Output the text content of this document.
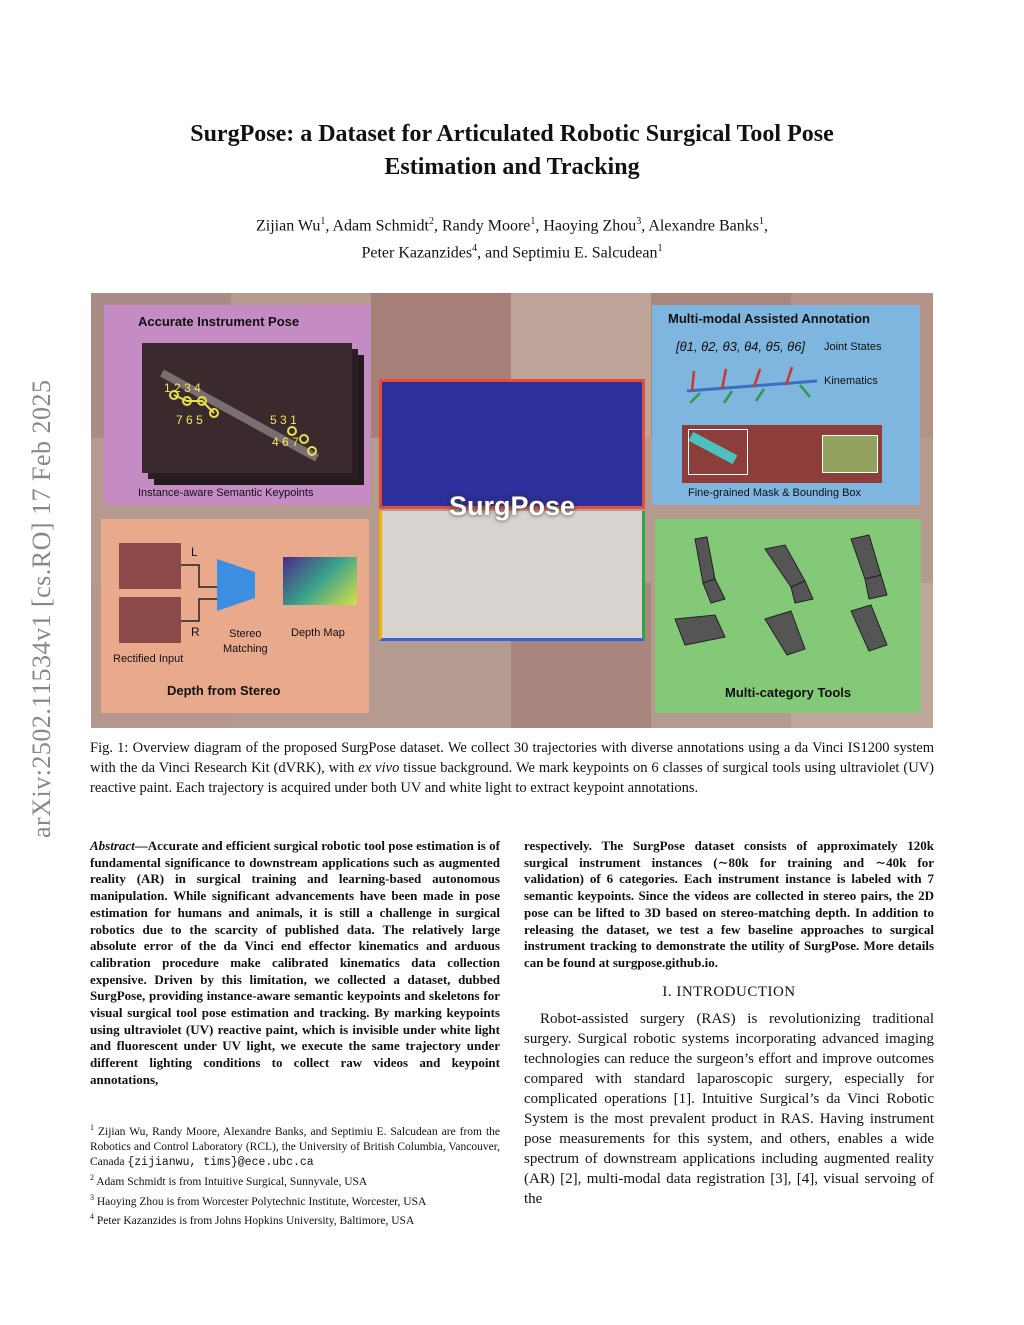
arXiv:2502.11534v1 [cs.RO] 17 Feb 2025
SurgPose: a Dataset for Articulated Robotic Surgical Tool Pose
Estimation and Tracking
Zijian Wu$^1$, Adam Schmidt$^2$, Randy Moore$^1$, Haoying Zhou$^3$, Alexandre Banks$^1$,
Peter Kazanzides$^4$, and Septimiu E. Salcudean$^1$
Accurate Instrument Pose
1 2 3 4
7 6 5	5 3 1
4 6 7
Instance-aware Semantic Keypoints
Multi-modal Assisted Annotation
[θ1, θ2, θ3, θ4, θ5, θ6] Joint States
Kinematics
Fine-grained Mask & Bounding Box
L
R	Stereo
Matching
Depth Map
Rectified Input
Depth from Stereo	Multi-category Tools
SurgPose
Fig. 1: Overview diagram of the proposed SurgPose dataset. We collect 30 trajectories with diverse annotations using a da Vinci IS1200 system with the da Vinci Research Kit (dVRK), with ex vivo tissue background. We mark keypoints on 6 classes of surgical tools using ultraviolet (UV) reactive paint. Each trajectory is acquired under both UV and white light to extract keypoint annotations.

Abstract—Accurate and efficient surgical robotic tool pose estimation is of fundamental significance to downstream applications such as augmented reality (AR) in surgical training and learning-based autonomous manipulation. While significant advancements have been made in pose estimation for humans and animals, it is still a challenge in surgical robotics due to the scarcity of published data. The relatively large absolute error of the da Vinci end effector kinematics and arduous calibration procedure make calibrated kinematics data collection expensive. Driven by this limitation, we collected a dataset, dubbed SurgPose, providing instance-aware semantic keypoints and skeletons for visual surgical tool pose estimation and tracking. By marking keypoints using ultraviolet (UV) reactive paint, which is invisible under white light and fluorescent under UV light, we execute the same trajectory under different lighting conditions to collect raw videos and keypoint annotations,

$^1$ Zijian Wu, Randy Moore, Alexandre Banks, and Septimiu E. Salcudean are from the Robotics and Control Laboratory (RCL), the University of British Columbia, Vancouver, Canada {zijianwu, tims}@ece.ubc.ca

$^2$ Adam Schmidt is from Intuitive Surgical, Sunnyvale, USA

$^3$ Haoying Zhou is from Worcester Polytechnic Institute, Worcester, USA

$^4$ Peter Kazanzides is from Johns Hopkins University, Baltimore, USA

respectively. The SurgPose dataset consists of approximately 120k surgical instrument instances (∼80k for training and ∼40k for validation) of 6 categories. Each instrument instance is labeled with 7 semantic keypoints. Since the videos are collected in stereo pairs, the 2D pose can be lifted to 3D based on stereo-matching depth. In addition to releasing the dataset, we test a few baseline approaches to surgical instrument tracking to demonstrate the utility of SurgPose. More details can be found at surgpose.github.io.

I. INTRODUCTION

Robot-assisted surgery (RAS) is revolutionizing traditional surgery. Surgical robotic systems incorporating advanced imaging technologies can reduce the surgeon’s effort and improve outcomes compared with standard laparoscopic surgery, especially for complicated operations [1]. Intuitive Surgical’s da Vinci Robotic System is the most prevalent product in RAS. Having instrument pose measurements for this system, and others, enables a wide spectrum of downstream applications including augmented reality (AR) [2], multi-modal data registration [3], [4], visual servoing of the
